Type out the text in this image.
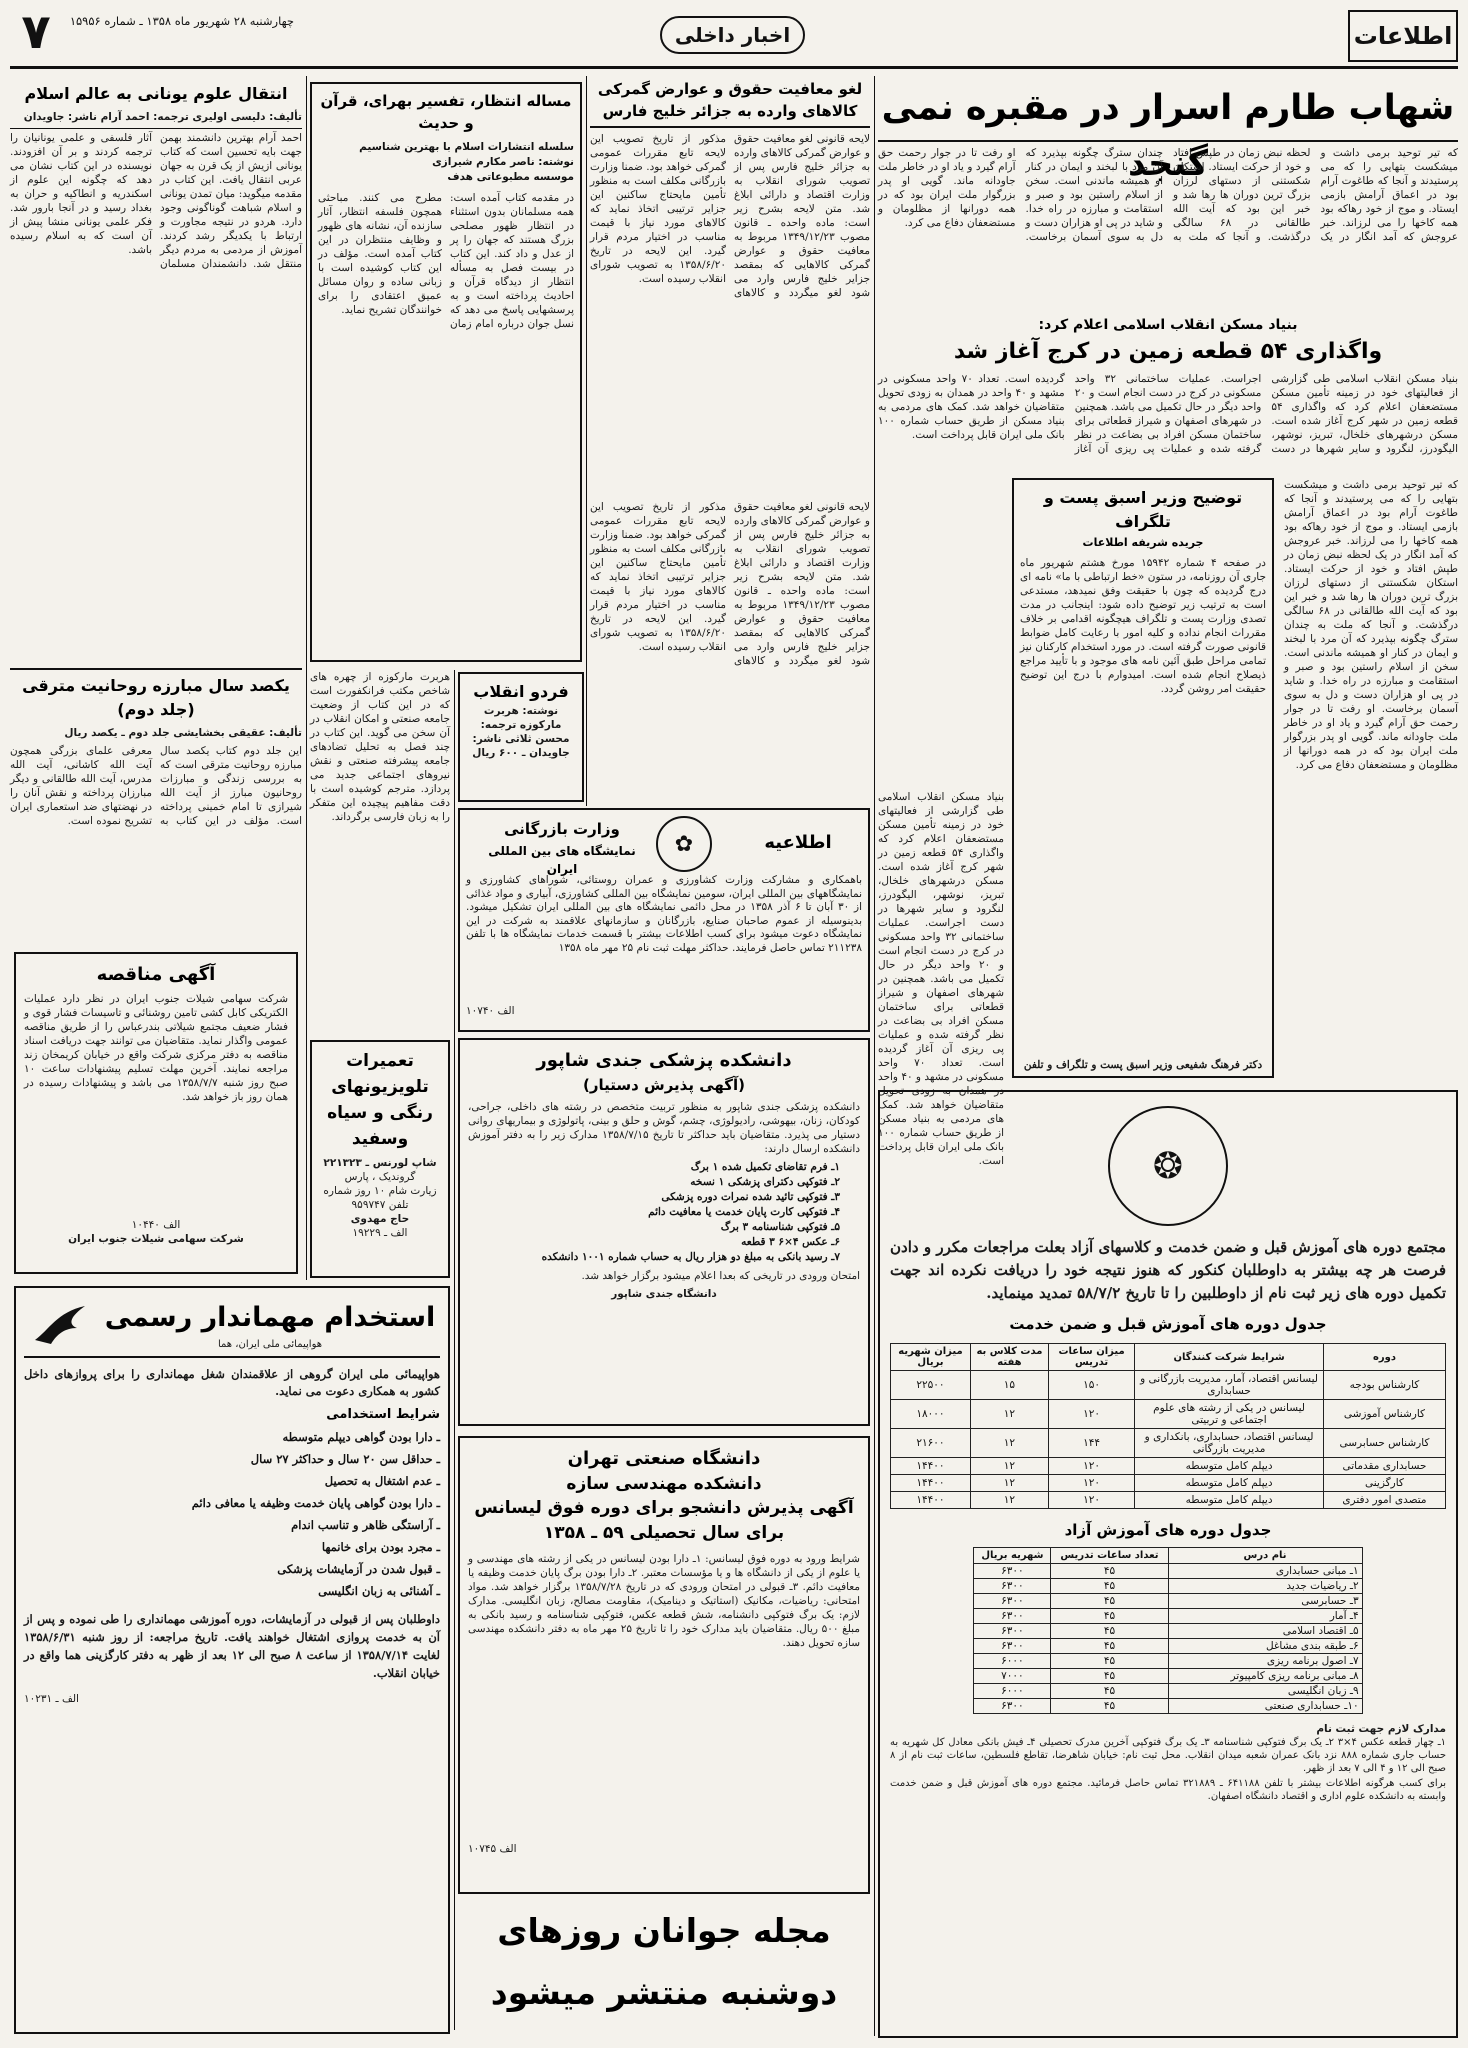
اطلاعات
اخبار داخلی
چهارشنبه ۲۸ شهریور ماه ۱۳۵۸ ـ شماره ۱۵۹۵۶
۷
شهاب طارم اسرار در مقبره نمی گنجد	که تیر توحید برمی داشت و میشکست بتهایی را که می پرستیدند و آنجا که طاغوت آرام بود در اعماق آرامش بازمی ایستاد. و موج از خود رهاکه بود همه کاخها را می لرزاند. خبر عروجش که آمد انگار در یک لحظه نبض زمان در طپش افتاد و خود از حرکت ایستاد. استکان شکستنی از دستهای لرزان بزرگ ترین دوران ها رها شد و خبر این بود که آیت الله طالقانی در ۶۸ سالگی درگذشت. و آنجا که ملت به چندان سترگ چگونه بپذیرد که آن مرد با لبخند و ایمان در کنار او همیشه ماندنی است. سخن از اسلام راستین بود و صبر و استقامت و مبارزه در راه خدا. و شاید در پی او هزاران دست و دل به سوی آسمان برخاست. او رفت تا در جوار رحمت حق آرام گیرد و یاد او در خاطر ملت جاودانه ماند. گویی او پدر بزرگوار ملت ایران بود که در همه دورانها از مظلومان و مستضعفان دفاع می کرد.
بنیاد مسکن انقلاب اسلامی اعلام کرد:
واگذاری ۵۴ قطعه زمین در کرج آغاز شد
بنیاد مسکن انقلاب اسلامی طی گزارشی از فعالیتهای خود در زمینه تأمین مسکن مستضعفان اعلام کرد که واگذاری ۵۴ قطعه زمین در شهر کرج آغاز شده است. مسکن درشهرهای خلخال، تبریز، نوشهر، الیگودرز، لنگرود و سایر شهرها در دست اجراست. عملیات ساختمانی ۳۲ واحد مسکونی در کرج در دست انجام است و ۲۰ واحد دیگر در حال تکمیل می باشد. همچنین در شهرهای اصفهان و شیراز قطعاتی برای ساختمان مسکن افراد بی بضاعت در نظر گرفته شده و عملیات پی ریزی آن آغاز گردیده است. تعداد ۷۰ واحد مسکونی در مشهد و ۴۰ واحد در همدان به زودی تحویل متقاضیان خواهد شد. کمک های مردمی به بنیاد مسکن از طریق حساب شماره ۱۰۰ بانک ملی ایران قابل پرداخت است.
توضیح وزیر اسبق پست و تلگراف
جریده شریفه اطلاعات
در صفحه ۴ شماره ۱۵۹۴۲ مورخ هشتم شهریور ماه جاری آن روزنامه، در ستون «خط ارتباطی با ما» نامه ای درج گردیده که چون با حقیقت وفق نمیدهد، مستدعی است به ترتیب زیر توضیح داده شود: اینجانب در مدت تصدی وزارت پست و تلگراف هیچگونه اقدامی بر خلاف مقررات انجام نداده و کلیه امور با رعایت کامل ضوابط قانونی صورت گرفته است. در مورد استخدام کارکنان نیز تمامی مراحل طبق آئین نامه های موجود و با تأیید مراجع ذیصلاح انجام شده است. امیدوارم با درج این توضیح حقیقت امر روشن گردد.
دکتر فرهنگ شفیعی وزیر اسبق پست و تلگراف و تلفن
بنیاد مسکن انقلاب اسلامی طی گزارشی از فعالیتهای خود در زمینه تأمین مسکن مستضعفان اعلام کرد که واگذاری ۵۴ قطعه زمین در شهر کرج آغاز شده است. مسکن درشهرهای خلخال، تبریز، نوشهر، الیگودرز، لنگرود و سایر شهرها در دست اجراست. عملیات ساختمانی ۳۲ واحد مسکونی در کرج در دست انجام است و ۲۰ واحد دیگر در حال تکمیل می باشد. همچنین در شهرهای اصفهان و شیراز قطعاتی برای ساختمان مسکن افراد بی بضاعت در نظر گرفته شده و عملیات پی ریزی آن آغاز گردیده است. تعداد ۷۰ واحد مسکونی در مشهد و ۴۰ واحد در همدان به زودی تحویل متقاضیان خواهد شد. کمک های مردمی به بنیاد مسکن از طریق حساب شماره ۱۰۰ بانک ملی ایران قابل پرداخت است.
که تیر توحید برمی داشت و میشکست بتهایی را که می پرستیدند و آنجا که طاغوت آرام بود در اعماق آرامش بازمی ایستاد. و موج از خود رهاکه بود همه کاخها را می لرزاند. خبر عروجش که آمد انگار در یک لحظه نبض زمان در طپش افتاد و خود از حرکت ایستاد. استکان شکستنی از دستهای لرزان بزرگ ترین دوران ها رها شد و خبر این بود که آیت الله طالقانی در ۶۸ سالگی درگذشت. و آنجا که ملت به چندان سترگ چگونه بپذیرد که آن مرد با لبخند و ایمان در کنار او همیشه ماندنی است. سخن از اسلام راستین بود و صبر و استقامت و مبارزه در راه خدا. و شاید در پی او هزاران دست و دل به سوی آسمان برخاست. او رفت تا در جوار رحمت حق آرام گیرد و یاد او در خاطر ملت جاودانه ماند. گویی او پدر بزرگوار ملت ایران بود که در همه دورانها از مظلومان و مستضعفان دفاع می کرد.
لغو معافیت حقوق و عوارض گمرکی کالاهای وارده به جزائر خلیج فارس
لایحه قانونی لغو معافیت حقوق و عوارض گمرکی کالاهای وارده به جزائر خلیج فارس پس از تصویب شورای انقلاب به وزارت اقتصاد و دارائی ابلاغ شد. متن لایحه بشرح زیر است: ماده واحده ـ قانون مصوب ۱۳۴۹/۱۲/۲۳ مربوط به معافیت حقوق و عوارض گمرکی کالاهایی که بمقصد جزایر خلیج فارس وارد می شود لغو میگردد و کالاهای مذکور از تاریخ تصویب این لایحه تابع مقررات عمومی گمرکی خواهد بود. ضمنا وزارت بازرگانی مکلف است به منظور تأمین مایحتاج ساکنین این جزایر ترتیبی اتخاذ نماید که کالاهای مورد نیاز با قیمت مناسب در اختیار مردم قرار گیرد. این لایحه در تاریخ ۱۳۵۸/۶/۲۰ به تصویب شورای انقلاب رسیده است.
لایحه قانونی لغو معافیت حقوق و عوارض گمرکی کالاهای وارده به جزائر خلیج فارس پس از تصویب شورای انقلاب به وزارت اقتصاد و دارائی ابلاغ شد. متن لایحه بشرح زیر است: ماده واحده ـ قانون مصوب ۱۳۴۹/۱۲/۲۳ مربوط به معافیت حقوق و عوارض گمرکی کالاهایی که بمقصد جزایر خلیج فارس وارد می شود لغو میگردد و کالاهای مذکور از تاریخ تصویب این لایحه تابع مقررات عمومی گمرکی خواهد بود. ضمنا وزارت بازرگانی مکلف است به منظور تأمین مایحتاج ساکنین این جزایر ترتیبی اتخاذ نماید که کالاهای مورد نیاز با قیمت مناسب در اختیار مردم قرار گیرد. این لایحه در تاریخ ۱۳۵۸/۶/۲۰ به تصویب شورای انقلاب رسیده است.
مساله انتظار، تفسیر بهرای، قرآن و حدیث
سلسله انتشارات اسلام با بهترین شناسیم
نوشته: ناصر مکارم شیرازی
موسسه مطبوعاتی هدف
در مقدمه کتاب آمده است: همه مسلمانان بدون استثناء در انتظار ظهور مصلحی بزرگ هستند که جهان را پر از عدل و داد کند. این کتاب در بیست فصل به مسأله انتظار از دیدگاه قرآن و احادیث پرداخته است و به پرسشهایی پاسخ می دهد که نسل جوان درباره امام زمان مطرح می کنند. مباحثی همچون فلسفه انتظار، آثار سازنده آن، نشانه های ظهور و وظایف منتظران در این کتاب آمده است. مؤلف در این کتاب کوشیده است با زبانی ساده و روان مسائل عمیق اعتقادی را برای خوانندگان تشریح نماید.
انتقال علوم یونانی به عالم اسلام
تألیف: دلیسی اولیری ترجمه: احمد آرام ناشر: جاویدان
احمد آرام بهترین دانشمند بهمن جهت بایه تحسین است که کتاب یونانی ازیش از یک قرن به جهان عربی انتقال یافت. این کتاب در مقدمه میگوید: میان تمدن یونانی و اسلام شباهت گوناگونی وجود دارد. هردو در نتیجه مجاورت و ارتباط با یکدیگر رشد کردند. آموزش از مردمی به مردم دیگر منتقل شد. دانشمندان مسلمان آثار فلسفی و علمی یونانیان را ترجمه کردند و بر آن افزودند. نویسنده در این کتاب نشان می دهد که چگونه این علوم از اسکندریه و انطاکیه و حران به بغداد رسید و در آنجا بارور شد. فکر علمی یونانی منشا پیش از آن است که به اسلام رسیده باشد.
یکصد سال مبارزه روحانیت مترقی (جلد دوم)
تألیف: عقیقی بخشایشی جلد دوم ـ یکصد ریال
این جلد دوم کتاب یکصد سال مبارزه روحانیت مترقی است که به بررسی زندگی و مبارزات روحانیون مبارز از آیت الله شیرازی تا امام خمینی پرداخته است. مؤلف در این کتاب به معرفی علمای بزرگی همچون آیت الله کاشانی، آیت الله مدرس، آیت الله طالقانی و دیگر مبارزان پرداخته و نقش آنان را در نهضتهای ضد استعماری ایران تشریح نموده است.
آگهی مناقصه
شرکت سهامی شیلات جنوب ایران در نظر دارد عملیات الکتریکی کابل کشی تامین روشنائی و تاسیسات فشار قوی و فشار ضعیف مجتمع شیلاتی بندرعباس را از طریق مناقصه عمومی واگذار نماید. متقاضیان می توانند جهت دریافت اسناد مناقصه به دفتر مرکزی شرکت واقع در خیابان کریمخان زند مراجعه نمایند. آخرین مهلت تسلیم پیشنهادات ساعت ۱۰ صبح روز شنبه ۱۳۵۸/۷/۷ می باشد و پیشنهادات رسیده در همان روز باز خواهد شد.
الف ۱۰۴۴۰
شرکت سهامی شیلات جنوب ایران
هربرت مارکوزه از چهره های شاخص مکتب فرانکفورت است که در این کتاب از وضعیت جامعه صنعتی و امکان انقلاب در آن سخن می گوید. این کتاب در چند فصل به تحلیل تضادهای جامعه پیشرفته صنعتی و نقش نیروهای اجتماعی جدید می پردازد. مترجم کوشیده است با دقت مفاهیم پیچیده این متفکر را به زبان فارسی برگرداند.
فردو انقلاب
نوشته: هربرت مارکوزه ترجمه: محسن ثلاثی ناشر: جاویدان ـ ۶۰۰ ریال
تعمیرات تلویزیونهای رنگی و سیاه وسفید
شاپ لورنس ـ ۲۲۱۳۲۳
گروندیک ، پارس
زیارت شام ۱۰ روز شماره تلفن ۹۵۹۷۴۷
حاج مهدوی
الف ـ ۱۹۲۲۹
✿
وزارت بازرگانی
نمایشگاه های بین المللی ایران
اطلاعیه
باهمکاری و مشارکت وزارت کشاورزی و عمران روستائی، شوراهای کشاورزی و نمایشگاههای بین المللی ایران، سومین نمایشگاه بین المللی کشاورزی، آبیاری و مواد غذائی از ۳۰ آبان تا ۶ آذر ۱۳۵۸ در محل دائمی نمایشگاه های بین المللی ایران تشکیل میشود. بدینوسیله از عموم صاحبان صنایع، بازرگانان و سازمانهای علاقمند به شرکت در این نمایشگاه دعوت میشود برای کسب اطلاعات بیشتر با قسمت خدمات نمایشگاه ها با تلفن ۲۱۱۲۳۸ تماس حاصل فرمایند. حداکثر مهلت ثبت نام ۲۵ مهر ماه ۱۳۵۸
الف ۱۰۷۴۰
دانشکده پزشکی جندی شاپور
(آگهی پذیرش دستیار)
دانشکده پزشکی جندی شاپور به منظور تربیت متخصص در رشته های داخلی، جراحی، کودکان، زنان، بیهوشی، رادیولوژی، چشم، گوش و حلق و بینی، پاتولوژی و بیماریهای روانی دستیار می پذیرد. متقاضیان باید حداکثر تا تاریخ ۱۳۵۸/۷/۱۵ مدارک زیر را به دفتر آموزش دانشکده ارسال دارند:
۱ـ فرم تقاضای تکمیل شده ۱ برگ
۲ـ فتوکپی دکترای پزشکی ۱ نسخه
۳ـ فتوکپی تائید شده نمرات دوره پزشکی
۴ـ فتوکپی کارت پایان خدمت یا معافیت دائم
۵ـ فتوکپی شناسنامه ۳ برگ
۶ـ عکس ۴×۶ ۳ قطعه
۷ـ رسید بانکی به مبلغ دو هزار ریال به حساب شماره ۱۰۰۱ دانشکده
امتحان ورودی در تاریخی که بعدا اعلام میشود برگزار خواهد شد.
دانشگاه جندی شاپور
استخدام مهماندار رسمی
هواپیمائی ملی ایران، هما
هواپیمائی ملی ایران گروهی از علاقمندان شغل مهمانداری را برای پروازهای داخل کشور به همکاری دعوت می نماید.
شرایط استخدامی
ـ دارا بودن گواهی دیپلم متوسطه
ـ حداقل سن ۲۰ سال و حداکثر ۲۷ سال
ـ عدم اشتغال به تحصیل
ـ دارا بودن گواهی پایان خدمت وظیفه یا معافی دائم
ـ آراستگی ظاهر و تناسب اندام
ـ مجرد بودن برای خانمها
ـ قبول شدن در آزمایشات پزشکی
ـ آشنائی به زبان انگلیسی
داوطلبان پس از قبولی در آزمایشات، دوره آموزشی مهمانداری را طی نموده و پس از آن به خدمت پروازی اشتغال خواهند یافت. تاریخ مراجعه: از روز شنبه ۱۳۵۸/۶/۳۱ لغایت ۱۳۵۸/۷/۱۴ از ساعت ۸ صبح الی ۱۲ بعد از ظهر به دفتر کارگزینی هما واقع در خیابان انقلاب.
الف ـ ۱۰۲۳۱
دانشگاه صنعتی تهران
دانشکده مهندسی سازه
آگهی پذیرش دانشجو برای دوره فوق لیسانس برای سال تحصیلی ۵۹ ـ ۱۳۵۸
شرایط ورود به دوره فوق لیسانس: ۱ـ دارا بودن لیسانس در یکی از رشته های مهندسی و یا علوم از یکی از دانشگاه ها و یا مؤسسات معتبر. ۲ـ دارا بودن برگ پایان خدمت وظیفه یا معافیت دائم. ۳ـ قبولی در امتحان ورودی که در تاریخ ۱۳۵۸/۷/۲۸ برگزار خواهد شد. مواد امتحانی: ریاضیات، مکانیک (استاتیک و دینامیک)، مقاومت مصالح، زبان انگلیسی. مدارک لازم: یک برگ فتوکپی دانشنامه، شش قطعه عکس، فتوکپی شناسنامه و رسید بانکی به مبلغ ۵۰۰ ریال. متقاضیان باید مدارک خود را تا تاریخ ۲۵ مهر ماه به دفتر دانشکده مهندسی سازه تحویل دهند.
الف ۱۰۷۴۵
مجله جوانان روزهای
دوشنبه منتشر میشود
❂
مجتمع دوره های آموزش قبل و ضمن خدمت و کلاسهای آزاد بعلت مراجعات مکرر و دادن فرصت هر چه بیشتر به داوطلبان کنکور که هنوز نتیجه خود را دریافت نکرده اند جهت تکمیل دوره های زیر ثبت نام از داوطلبین را تا تاریخ ۵۸/۷/۲ تمدید مینماید.
جدول دوره های آموزش قبل و ضمن خدمت
دوره	شرایط شرکت کنندگان	میزان ساعات تدریس	مدت کلاس به هفته	میزان شهریه بریال
کارشناس بودجه	لیسانس اقتصاد، آمار، مدیریت بازرگانی و حسابداری	۱۵۰	۱۵	۲۲۵۰۰
کارشناس آموزشی	لیسانس در یکی از رشته های علوم اجتماعی و تربیتی	۱۲۰	۱۲	۱۸۰۰۰
کارشناس حسابرسی	لیسانس اقتصاد، حسابداری، بانکداری و مدیریت بازرگانی	۱۴۴	۱۲	۲۱۶۰۰
حسابداری مقدماتی	دیپلم کامل متوسطه	۱۲۰	۱۲	۱۴۴۰۰
کارگزینی	دیپلم کامل متوسطه	۱۲۰	۱۲	۱۴۴۰۰
متصدی امور دفتری	دیپلم کامل متوسطه	۱۲۰	۱۲	۱۴۴۰۰
جدول دوره های آموزش آزاد
نام درس	تعداد ساعات تدریس	شهریه بریال
۱ـ مبانی حسابداری	۴۵	۶۳۰۰
۲ـ ریاضیات جدید	۴۵	۶۳۰۰
۳ـ حسابرسی	۴۵	۶۳۰۰
۴ـ آمار	۴۵	۶۳۰۰
۵ـ اقتصاد اسلامی	۴۵	۶۳۰۰
۶ـ طبقه بندی مشاغل	۴۵	۶۳۰۰
۷ـ اصول برنامه ریزی	۴۵	۶۰۰۰
۸ـ مبانی برنامه ریزی کامپیوتر	۴۵	۷۰۰۰
۹ـ زبان انگلیسی	۴۵	۶۰۰۰
۱۰ـ حسابداری صنعتی	۴۵	۶۳۰۰
مدارک لازم جهت ثبت نام
۱ـ چهار قطعه عکس ۴×۳ ۲ـ یک برگ فتوکپی شناسنامه ۳ـ یک برگ فتوکپی آخرین مدرک تحصیلی ۴ـ فیش بانکی معادل کل شهریه به حساب جاری شماره ۸۸۸ نزد بانک عمران شعبه میدان انقلاب. محل ثبت نام: خیابان شاهرضا، تقاطع فلسطین، ساعات ثبت نام از ۸ صبح الی ۱۲ و ۴ الی ۷ بعد از ظهر.
برای کسب هرگونه اطلاعات بیشتر با تلفن ۶۴۱۱۸۸ ـ ۳۲۱۸۸۹ تماس حاصل فرمائید. مجتمع دوره های آموزش قبل و ضمن خدمت وابسته به دانشکده علوم اداری و اقتصاد دانشگاه اصفهان.
